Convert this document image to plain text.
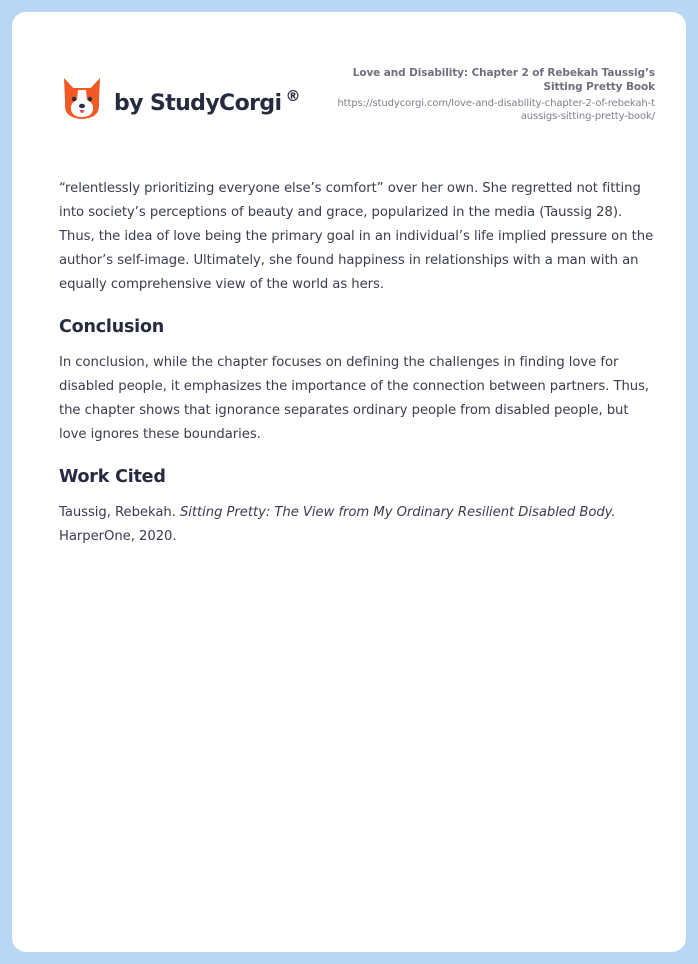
by StudyCorgi ®
Love and Disability: Chapter 2 of Rebekah Taussig’s Sitting Pretty Book
https://studycorgi.com/love-and-disability-chapter-2-of-rebekah-taussigs-sitting-pretty-book/

“relentlessly prioritizing everyone else’s comfort” over her own. She regretted not fitting into society’s perceptions of beauty and grace, popularized in the media (Taussig 28). Thus, the idea of love being the primary goal in an individual’s life implied pressure on the author’s self-image. Ultimately, she found happiness in relationships with a man with an equally comprehensive view of the world as hers.

Conclusion

In conclusion, while the chapter focuses on defining the challenges in finding love for disabled people, it emphasizes the importance of the connection between partners. Thus, the chapter shows that ignorance separates ordinary people from disabled people, but love ignores these boundaries.

Work Cited

Taussig, Rebekah. Sitting Pretty: The View from My Ordinary Resilient Disabled Body. HarperOne, 2020.
